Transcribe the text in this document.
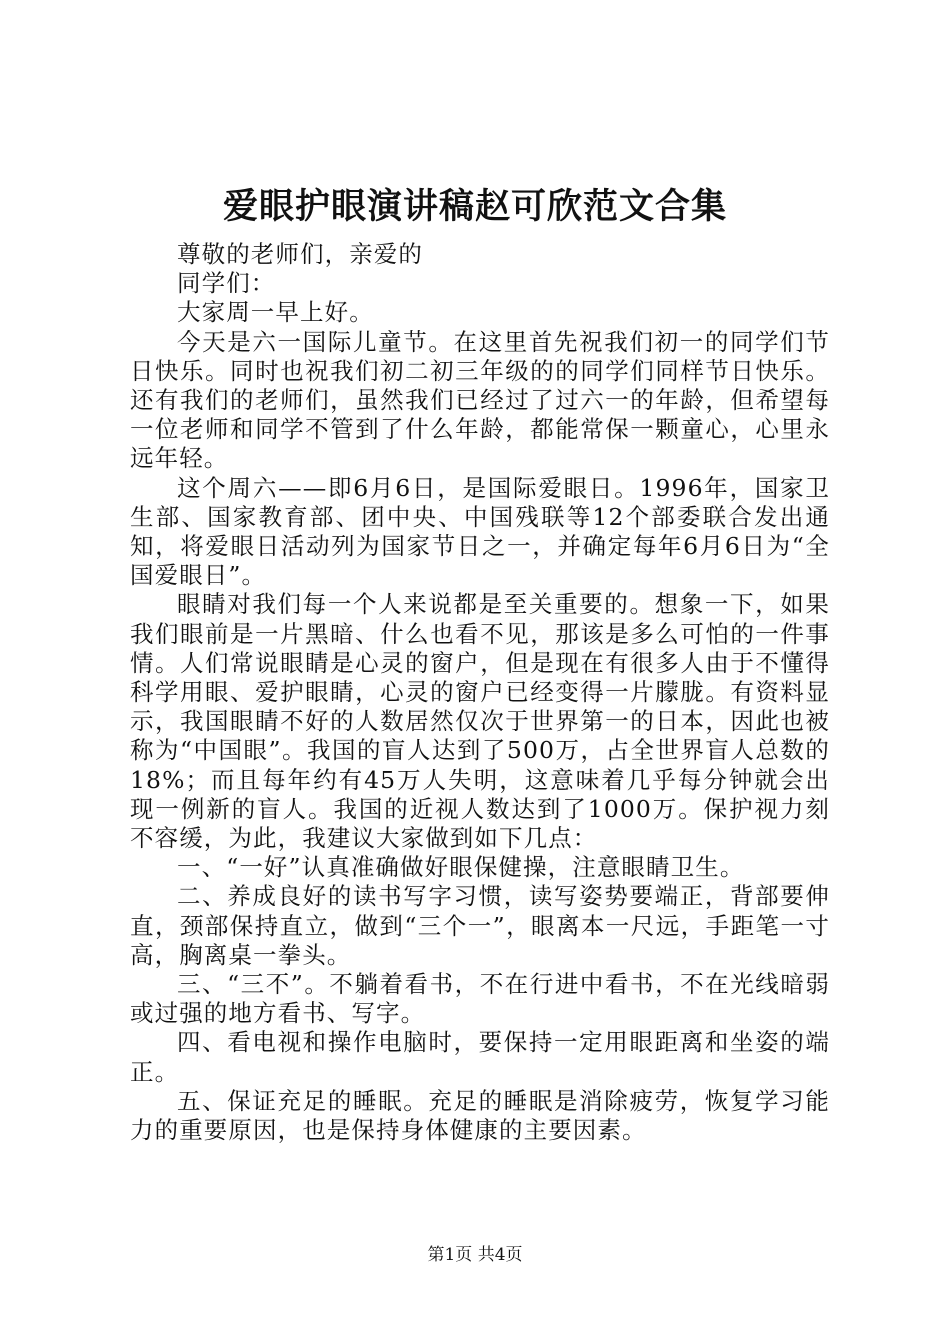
爱眼护眼演讲稿赵可欣范文合集

尊敬的老师们，亲爱的

同学们：

大家周一早上好。

今天是六一国际儿童节。在这里首先祝我们初一的同学们节日快乐。同时也祝我们初二初三年级的的同学们同样节日快乐。还有我们的老师们，虽然我们已经过了过六一的年龄，但希望每一位老师和同学不管到了什么年龄，都能常保一颗童心，心里永远年轻。

这个周六——即6月6日，是国际爱眼日。1996年，国家卫生部、国家教育部、团中央、中国残联等12个部委联合发出通知，将爱眼日活动列为国家节日之一，并确定每年6月6日为“全国爱眼日”。

眼睛对我们每一个人来说都是至关重要的。想象一下，如果我们眼前是一片黑暗、什么也看不见，那该是多么可怕的一件事情。人们常说眼睛是心灵的窗户，但是现在有很多人由于不懂得科学用眼、爱护眼睛，心灵的窗户已经变得一片朦胧。有资料显示，我国眼睛不好的人数居然仅次于世界第一的日本，因此也被称为“中国眼”。我国的盲人达到了500万，占全世界盲人总数的18%；而且每年约有45万人失明，这意味着几乎每分钟就会出现一例新的盲人。我国的近视人数达到了1000万。保护视力刻不容缓，为此，我建议大家做到如下几点：

一、“一好”认真准确做好眼保健操，注意眼睛卫生。

二、养成良好的读书写字习惯，读写姿势要端正，背部要伸直，颈部保持直立，做到“三个一”，眼离本一尺远，手距笔一寸高，胸离桌一拳头。

三、“三不”。不躺着看书，不在行进中看书，不在光线暗弱或过强的地方看书、写字。

四、看电视和操作电脑时，要保持一定用眼距离和坐姿的端正。

五、保证充足的睡眠。充足的睡眠是消除疲劳，恢复学习能力的重要原因，也是保持身体健康的主要因素。

第1页 共4页
